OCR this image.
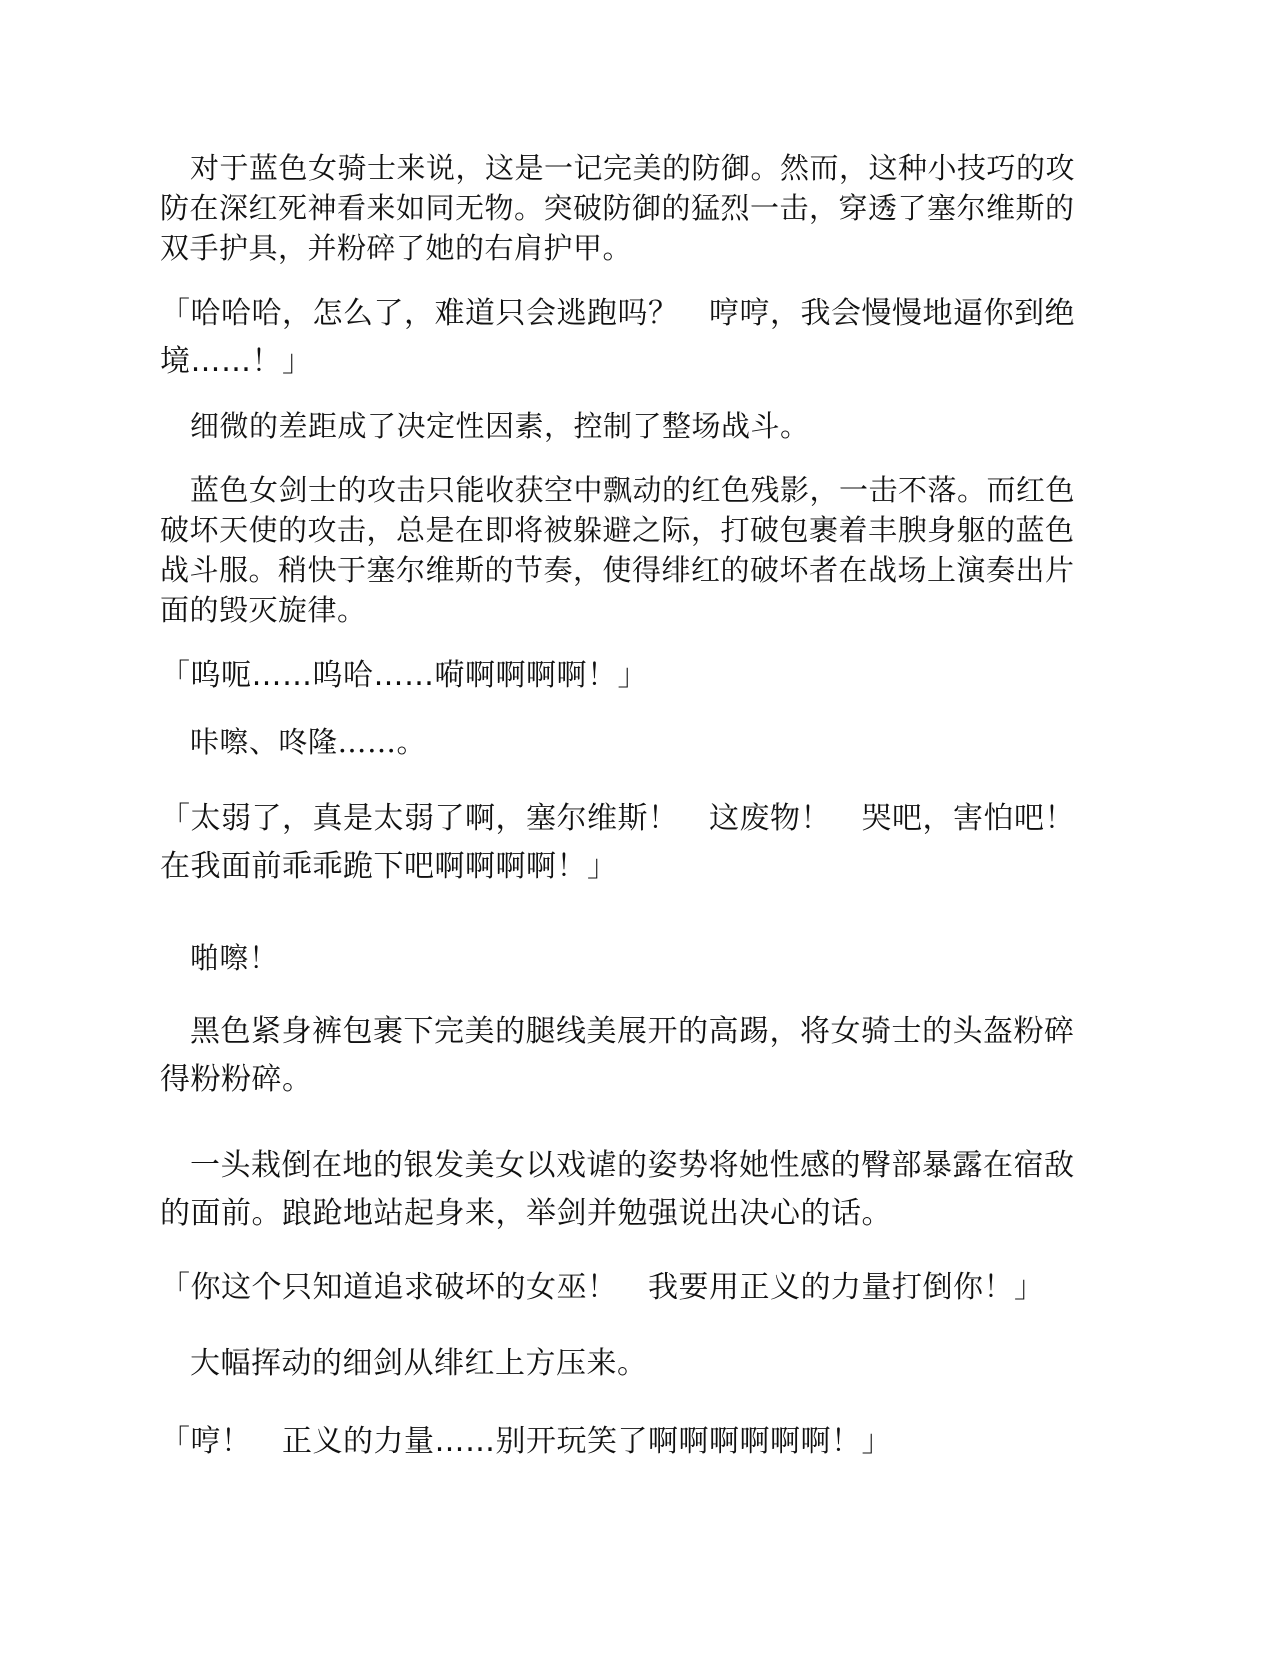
对于蓝色女骑士来说，这是一记完美的防御。然而，这种小技巧的攻防在深红死神看来如同无物。突破防御的猛烈一击，穿透了塞尔维斯的双手护具，并粉碎了她的右肩护甲。

「哈哈哈，怎么了，难道只会逃跑吗？　哼哼，我会慢慢地逼你到绝境……！」

细微的差距成了决定性因素，控制了整场战斗。

蓝色女剑士的攻击只能收获空中飘动的红色残影，一击不落。而红色破坏天使的攻击，总是在即将被躲避之际，打破包裹着丰腴身躯的蓝色战斗服。稍快于塞尔维斯的节奏，使得绯红的破坏者在战场上演奏出片面的毁灭旋律。

「呜呃……呜哈……嗬啊啊啊啊！」

咔嚓、咚隆……。

「太弱了，真是太弱了啊，塞尔维斯！　这废物！　哭吧，害怕吧！在我面前乖乖跪下吧啊啊啊啊！」

啪嚓！

黑色紧身裤包裹下完美的腿线美展开的高踢，将女骑士的头盔粉碎得粉粉碎。

一头栽倒在地的银发美女以戏谑的姿势将她性感的臀部暴露在宿敌的面前。踉跄地站起身来，举剑并勉强说出决心的话。

「你这个只知道追求破坏的女巫！　我要用正义的力量打倒你！」

大幅挥动的细剑从绯红上方压来。

「哼！　正义的力量……别开玩笑了啊啊啊啊啊啊！」
